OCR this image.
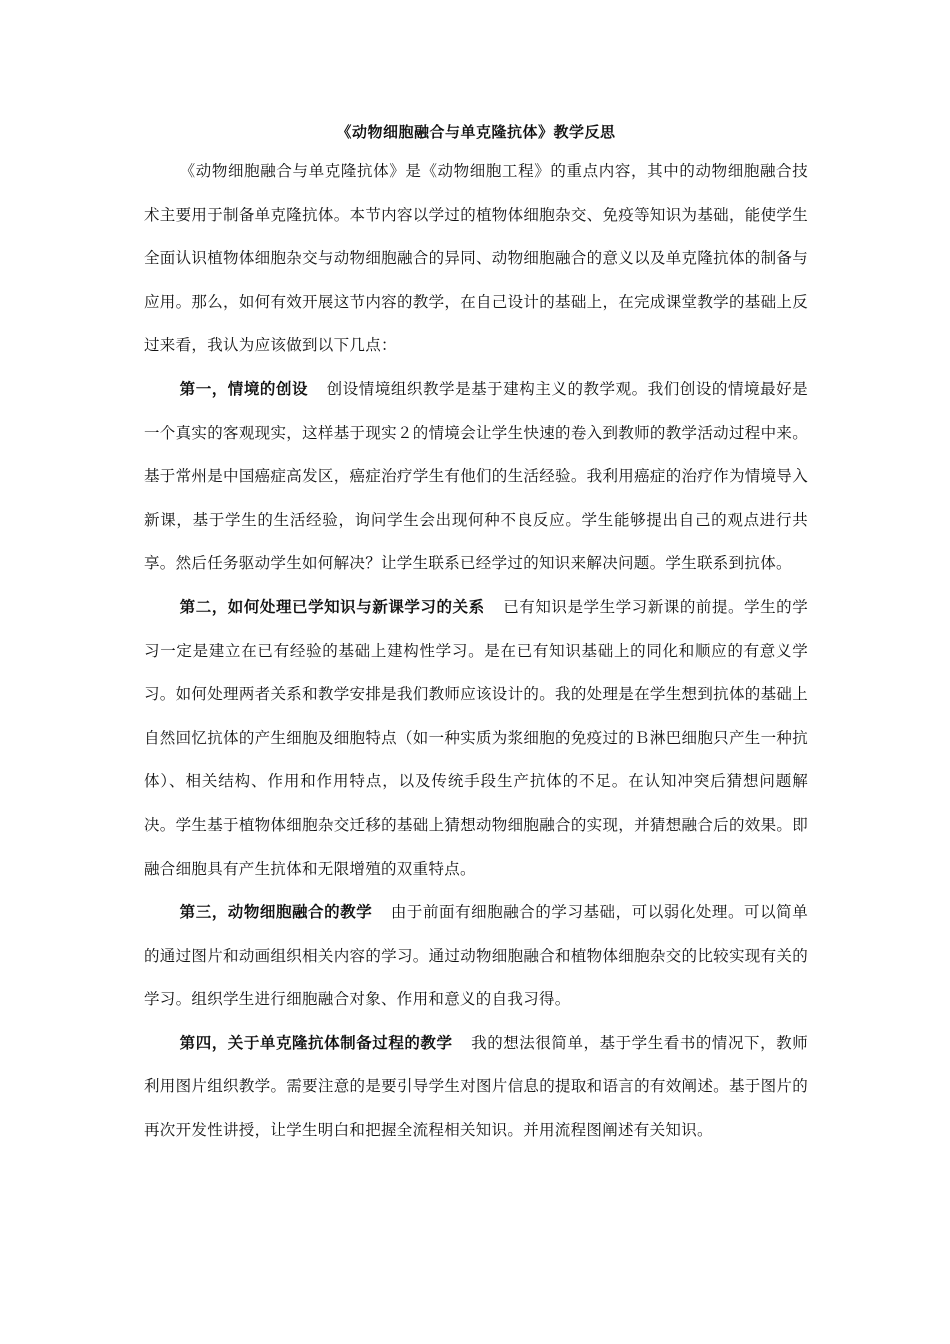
《动物细胞融合与单克隆抗体》教学反思

《动物细胞融合与单克隆抗体》是《动物细胞工程》的重点内容，其中的动物细胞融合技术主要用于制备单克隆抗体。本节内容以学过的植物体细胞杂交、免疫等知识为基础，能使学生全面认识植物体细胞杂交与动物细胞融合的异同、动物细胞融合的意义以及单克隆抗体的制备与应用。那么，如何有效开展这节内容的教学，在自己设计的基础上，在完成课堂教学的基础上反过来看，我认为应该做到以下几点：

第一，情境的创设 创设情境组织教学是基于建构主义的教学观。我们创设的情境最好是一个真实的客观现实，这样基于现实２的情境会让学生快速的卷入到教师的教学活动过程中来。基于常州是中国癌症高发区，癌症治疗学生有他们的生活经验。我利用癌症的治疗作为情境导入新课，基于学生的生活经验，询问学生会出现何种不良反应。学生能够提出自己的观点进行共享。然后任务驱动学生如何解决？让学生联系已经学过的知识来解决问题。学生联系到抗体。

第二，如何处理已学知识与新课学习的关系 已有知识是学生学习新课的前提。学生的学习一定是建立在已有经验的基础上建构性学习。是在已有知识基础上的同化和顺应的有意义学习。如何处理两者关系和教学安排是我们教师应该设计的。我的处理是在学生想到抗体的基础上自然回忆抗体的产生细胞及细胞特点（如一种实质为浆细胞的免疫过的Ｂ淋巴细胞只产生一种抗体）、相关结构、作用和作用特点，以及传统手段生产抗体的不足。在认知冲突后猜想问题解决。学生基于植物体细胞杂交迁移的基础上猜想动物细胞融合的实现，并猜想融合后的效果。即融合细胞具有产生抗体和无限增殖的双重特点。

第三，动物细胞融合的教学 由于前面有细胞融合的学习基础，可以弱化处理。可以简单的通过图片和动画组织相关内容的学习。通过动物细胞融合和植物体细胞杂交的比较实现有关的学习。组织学生进行细胞融合对象、作用和意义的自我习得。

第四，关于单克隆抗体制备过程的教学 我的想法很简单，基于学生看书的情况下，教师利用图片组织教学。需要注意的是要引导学生对图片信息的提取和语言的有效阐述。基于图片的再次开发性讲授，让学生明白和把握全流程相关知识。并用流程图阐述有关知识。
